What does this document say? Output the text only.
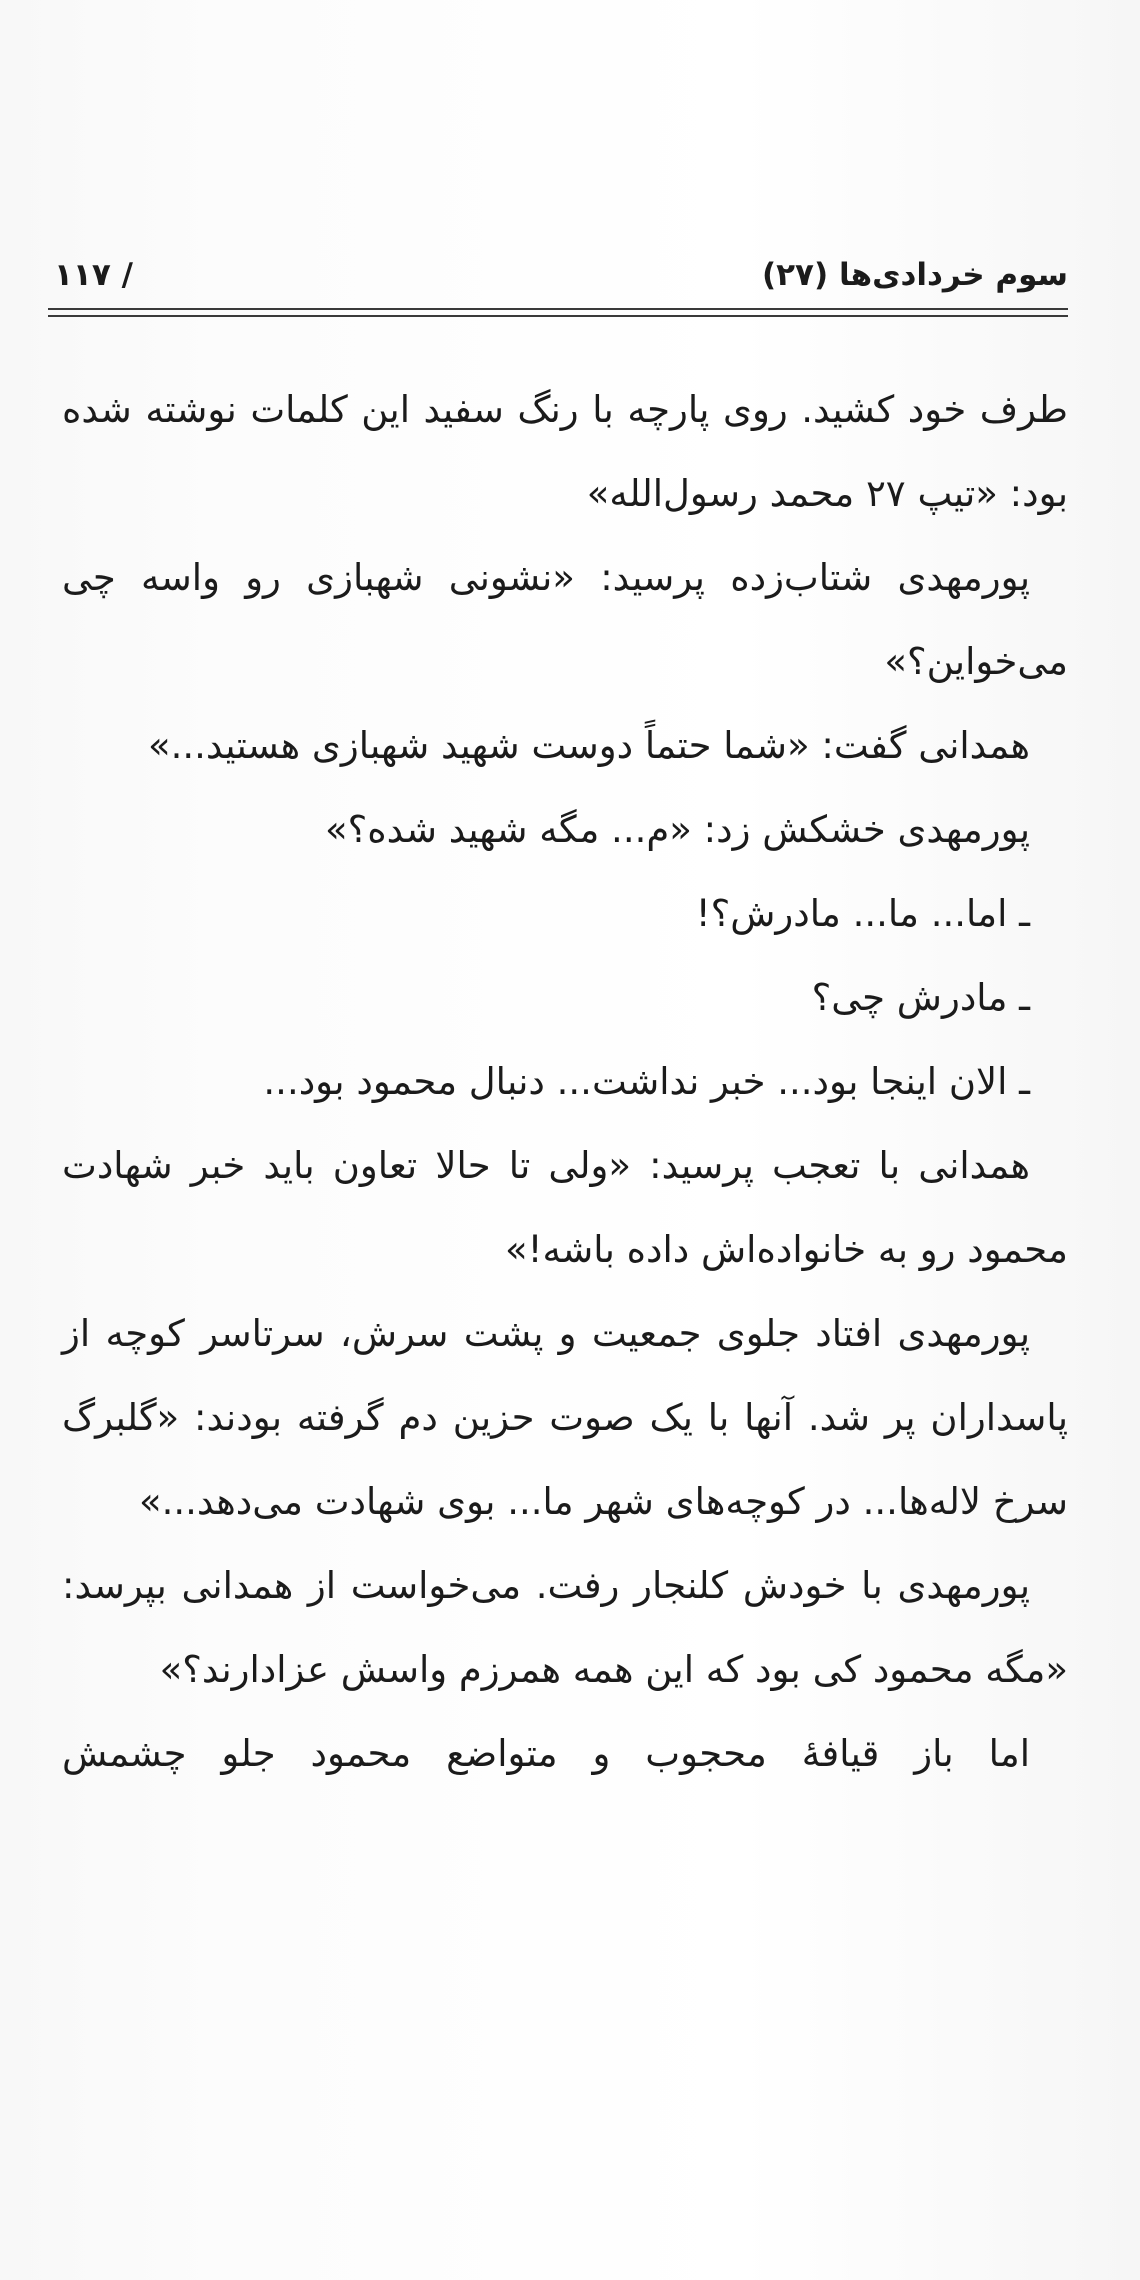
سوم خردادی‌ها (۲۷)
/ ۱۱۷

طرف خود کشید. روی پارچه با رنگ سفید این کلمات نوشته شده بود: «تیپ ۲۷ محمد رسول‌الله»

پورمهدی شتاب‌زده پرسید: «نشونی شهبازی رو واسه چی می‌خواین؟»

همدانی گفت: «شما حتماً دوست شهید شهبازی هستید...»

پورمهدی خشکش زد: «م... مگه شهید شده؟»

ـ اما... ما... مادرش؟!

ـ مادرش چی؟

ـ الان اینجا بود... خبر نداشت... دنبال محمود بود...

همدانی با تعجب پرسید: «ولی تا حالا تعاون باید خبر شهادت محمود رو به خانواده‌اش داده باشه!»

پورمهدی افتاد جلوی جمعیت و پشت سرش، سرتاسر کوچه از پاسداران پر شد. آنها با یک صوت حزین دم گرفته بودند: «گلبرگ سرخ لاله‌ها... در کوچه‌های شهر ما... بوی شهادت می‌دهد...»

پورمهدی با خودش کلنجار رفت. می‌خواست از همدانی بپرسد: «مگه محمود کی بود که این همه همرزم واسش عزادارند؟»

اما باز قیافهٔ محجوب و متواضع محمود جلو چشمش
